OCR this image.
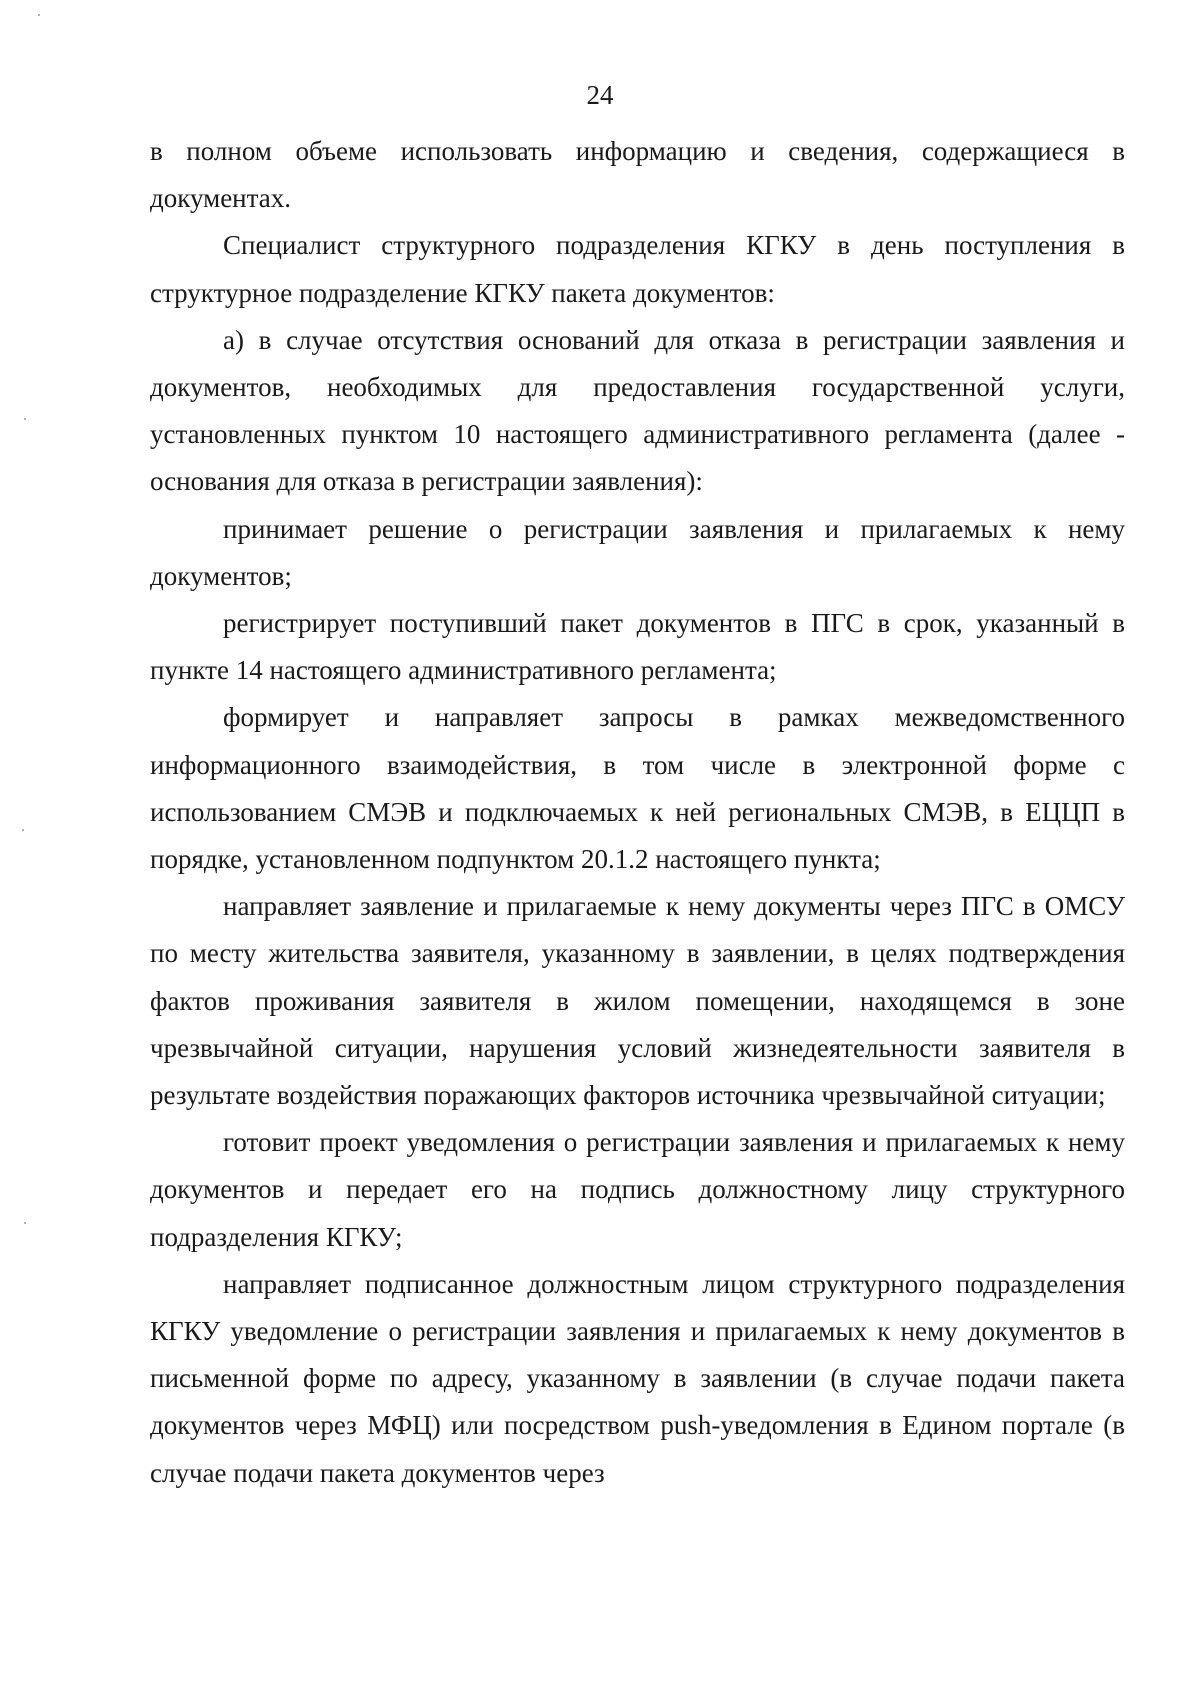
24

в полном объеме использовать информацию и сведения, содержащиеся в документах.

Специалист структурного подразделения КГКУ в день поступления в структурное подразделение КГКУ пакета документов:

а) в случае отсутствия оснований для отказа в регистрации заявления и документов, необходимых для предоставления государственной услуги, установленных пунктом 10 настоящего административного регламента (далее - основания для отказа в регистрации заявления):

принимает решение о регистрации заявления и прилагаемых к нему документов;

регистрирует поступивший пакет документов в ПГС в срок, указанный в пункте 14 настоящего административного регламента;

формирует и направляет запросы в рамках межведомственного информационного взаимодействия, в том числе в электронной форме с использованием СМЭВ и подключаемых к ней региональных СМЭВ, в ЕЦЦП в порядке, установленном подпунктом 20.1.2 настоящего пункта;

направляет заявление и прилагаемые к нему документы через ПГС в ОМСУ по месту жительства заявителя, указанному в заявлении, в целях подтверждения фактов проживания заявителя в жилом помещении, находящемся в зоне чрезвычайной ситуации, нарушения условий жизнедеятельности заявителя в результате воздействия поражающих факторов источника чрезвычайной ситуации;

готовит проект уведомления о регистрации заявления и прилагаемых к нему документов и передает его на подпись должностному лицу структурного подразделения КГКУ;

направляет подписанное должностным лицом структурного подразделения КГКУ уведомление о регистрации заявления и прилагаемых к нему документов в письменной форме по адресу, указанному в заявлении (в случае подачи пакета документов через МФЦ) или посредством push-уведомления в Едином портале (в случае подачи пакета документов через
